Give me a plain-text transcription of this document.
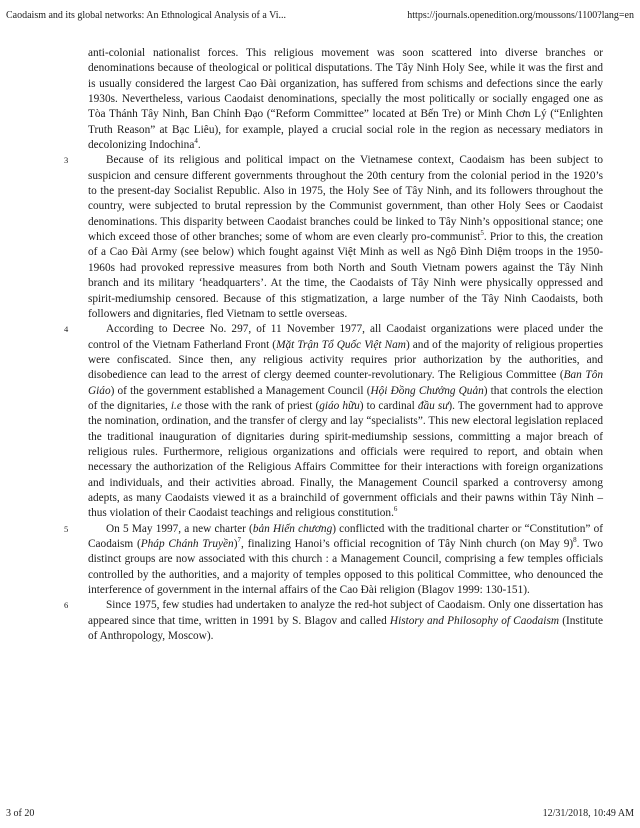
Caodaism and its global networks: An Ethnological Analysis of a Vi...	https://journals.openedition.org/moussons/1100?lang=en

anti-colonial nationalist forces. This religious movement was soon scattered into diverse branches or denominations because of theological or political disputations. The Tây Ninh Holy See, while it was the first and is usually considered the largest Cao Đài organization, has suffered from schisms and defections since the early 1930s. Nevertheless, various Caodaist denominations, specially the most politically or socially engaged one as Tòa Thánh Tây Ninh, Ban Chỉnh Đạo (“Reform Committee” located at Bến Tre) or Minh Chơn Lý (“Enlighten Truth Reason” at Bạc Liêu), for example, played a crucial social role in the region as necessary mediators in decolonizing Indochina$^4$.

3	Because of its religious and political impact on the Vietnamese context, Caodaism has been subject to suspicion and censure different governments throughout the 20th century from the colonial period in the 1920’s to the present-day Socialist Republic. Also in 1975, the Holy See of Tây Ninh, and its followers throughout the country, were subjected to brutal repression by the Communist government, than other Holy Sees or Caodaist denominations. This disparity between Caodaist branches could be linked to Tây Ninh’s oppositional stance; one which exceed those of other branches; some of whom are even clearly pro-communist$^5$. Prior to this, the creation of a Cao Đài Army (see below) which fought against Việt Minh as well as Ngô Đình Diệm troops in the 1950-1960s had provoked repressive measures from both North and South Vietnam powers against the Tây Ninh branch and its military ‘headquarters’. At the time, the Caodaists of Tây Ninh were physically oppressed and spirit-mediumship censored. Because of this stigmatization, a large number of the Tây Ninh Caodaists, both followers and dignitaries, fled Vietnam to settle overseas.

4	According to Decree No. 297, of 11 November 1977, all Caodaist organizations were placed under the control of the Vietnam Fatherland Front (Mặt Trận Tổ Quốc Việt Nam) and of the majority of religious properties were confiscated. Since then, any religious activity requires prior authorization by the authorities, and disobedience can lead to the arrest of clergy deemed counter-revolutionary. The Religious Committee (Ban Tôn Giáo) of the government established a Management Council (Hội Đồng Chưởng Quản) that controls the election of the dignitaries, i.e those with the rank of priest (giáo hữu) to cardinal đầu sư). The government had to approve the nomination, ordination, and the transfer of clergy and lay “specialists”. This new electoral legislation replaced the traditional inauguration of dignitaries during spirit-mediumship sessions, committing a major breach of religious rules. Furthermore, religious organizations and officials were required to report, and obtain when necessary the authorization of the Religious Affairs Committee for their interactions with foreign organizations and individuals, and their activities abroad. Finally, the Management Council sparked a controversy among adepts, as many Caodaists viewed it as a brainchild of government officials and their pawns within Tây Ninh – thus violation of their Caodaist teachings and religious constitution.$^6$

5	On 5 May 1997, a new charter (bản Hiến chương) conflicted with the traditional charter or “Constitution” of Caodaism (Pháp Chánh Truyền)$^7$, finalizing Hanoi’s official recognition of Tây Ninh church (on May 9)$^8$. Two distinct groups are now associated with this church : a Management Council, comprising a few temples officials controlled by the authorities, and a majority of temples opposed to this political Committee, who denounced the interference of government in the internal affairs of the Cao Đài religion (Blagov 1999: 130-151).

6	Since 1975, few studies had undertaken to analyze the red-hot subject of Caodaism. Only one dissertation has appeared since that time, written in 1991 by S. Blagov and called History and Philosophy of Caodaism (Institute of Anthropology, Moscow).

3 of 20	12/31/2018, 10:49 AM
